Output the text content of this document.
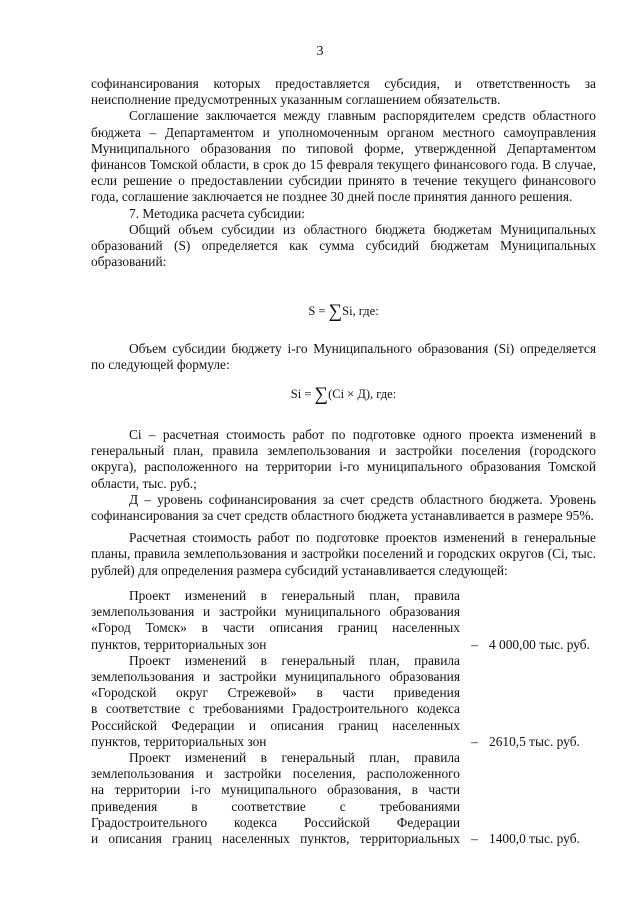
3

софинансирования которых предоставляется субсидия, и ответственность за неисполнение предусмотренных указанным соглашением обязательств.

Соглашение заключается между главным распорядителем средств областного бюджета – Департаментом и уполномоченным органом местного самоуправления Муниципального образования по типовой форме, утвержденной Департаментом финансов Томской области, в срок до 15 февраля текущего финансового года. В случае, если решение о предоставлении субсидии принято в течение текущего финансового года, соглашение заключается не позднее 30 дней после принятия данного решения.

7. Методика расчета субсидии:

Общий объем субсидии из областного бюджета бюджетам Муниципальных образований (S) определяется как сумма субсидий бюджетам Муниципальных образований:

S = ∑Si, где:

Объем субсидии бюджету i-го Муниципального образования (Si) определяется по следующей формуле:

Si = ∑(Ci × Д), где:

Ci – расчетная стоимость работ по подготовке одного проекта изменений в генеральный план, правила землепользования и застройки поселения (городского округа), расположенного на территории i-го муниципального образования Томской области, тыс. руб.;

Д – уровень софинансирования за счет средств областного бюджета. Уровень софинансирования за счет средств областного бюджета устанавливается в размере 95%.

Расчетная стоимость работ по подготовке проектов изменений в генеральные планы, правила землепользования и застройки поселений и городских округов (Ci, тыс. рублей) для определения размера субсидий устанавливается следующей:

Проект изменений в генеральный план, правила

землепользования и застройки муниципального образования

«Город Томск» в части описания границ населенных

пунктов, территориальных зон	– 4 000,00 тыс. руб.

Проект изменений в генеральный план, правила

землепользования и застройки муниципального образования

«Городской округ Стрежевой» в части приведения

в соответствие с требованиями Градостроительного кодекса

Российской Федерации и описания границ населенных

пунктов, территориальных зон	– 2610,5 тыс. руб.

Проект изменений в генеральный план, правила

землепользования и застройки поселения, расположенного

на территории i-го муниципального образования, в части

приведения в соответствие с требованиями

Градостроительного кодекса Российской Федерации

и описания границ населенных пунктов, территориальных – 1400,0 тыс. руб.
